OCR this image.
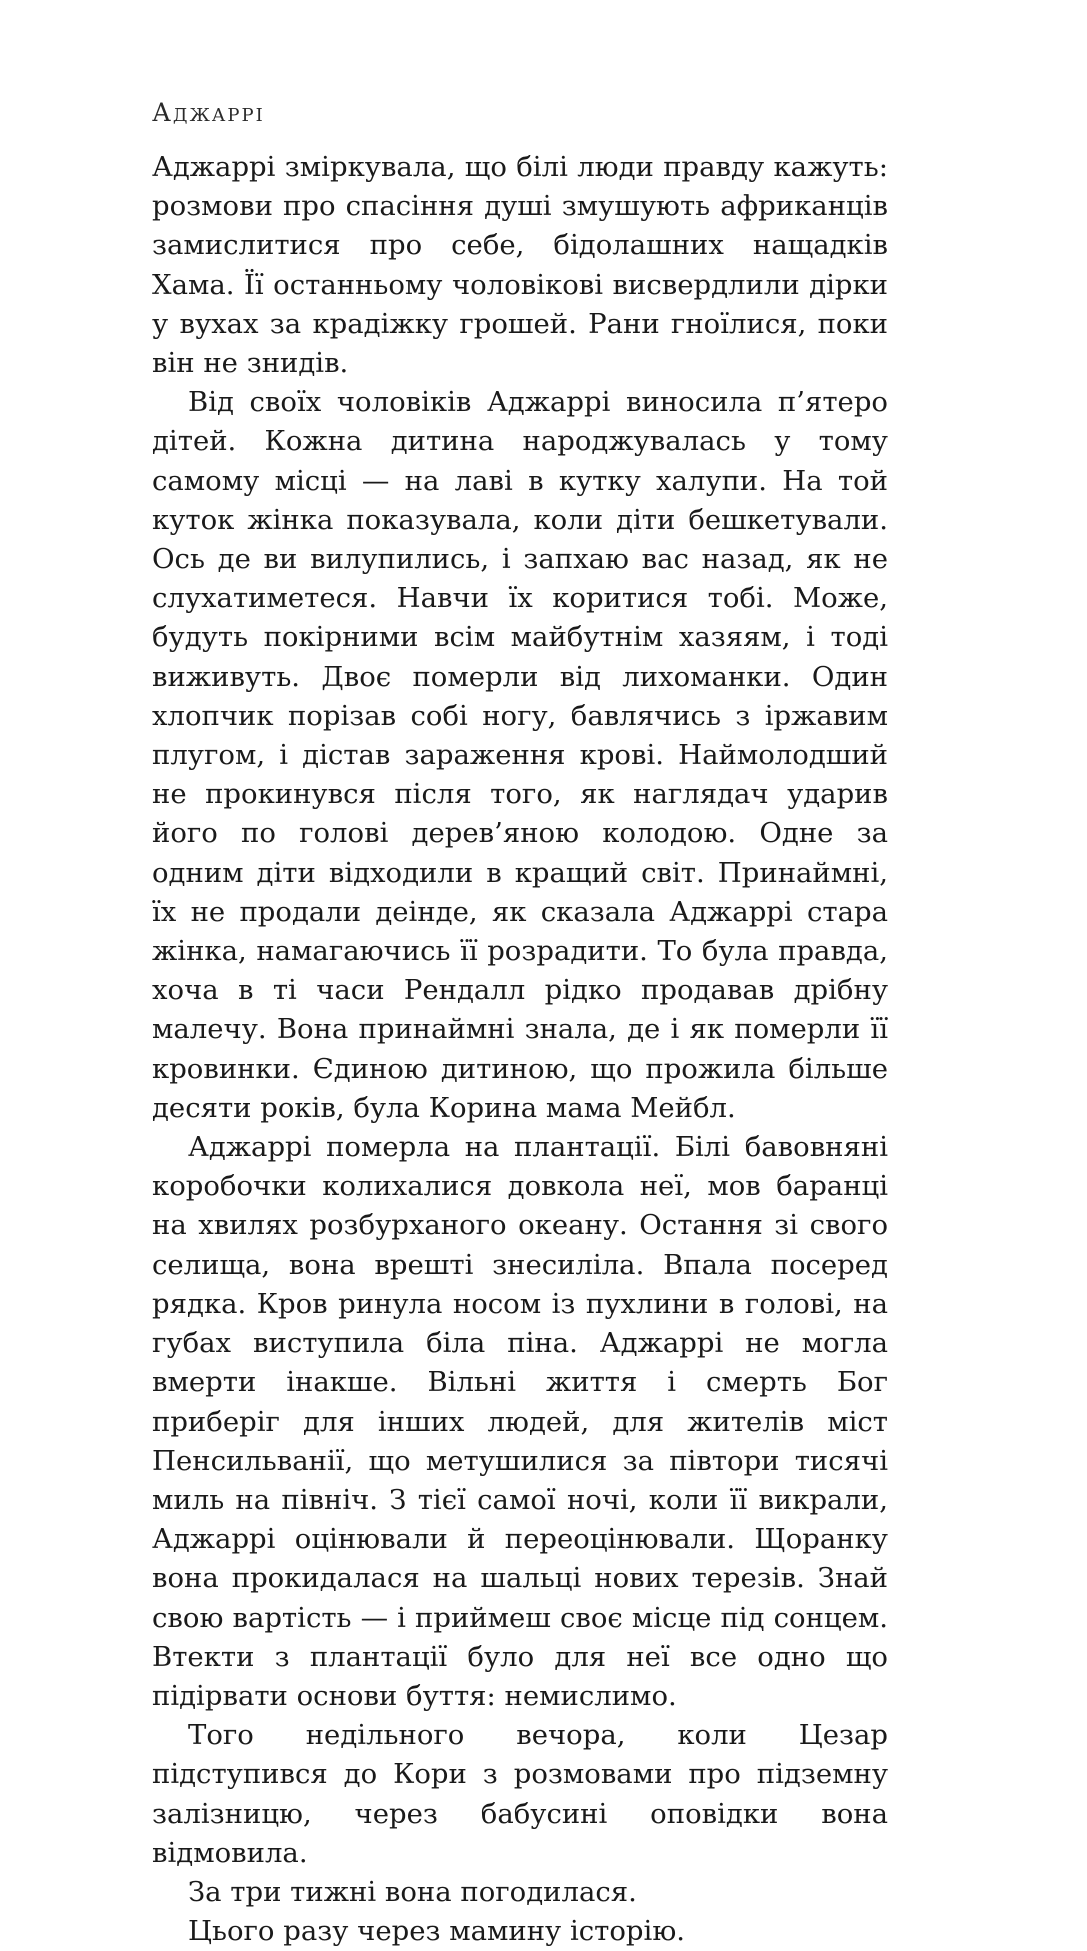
Аджаррі

Аджаррі зміркувала, що білі люди правду кажуть: розмови про спасіння душі змушують африканців замислитися про себе, бідолашних нащадків Хама. Її останньому чоловікові висвердлили дірки у вухах за крадіжку грошей. Рани гноїлися, поки він не знидів.

Від своїх чоловіків Аджаррі виносила п’ятеро дітей. Кожна дитина народжувалась у тому самому місці — на лаві в кутку халупи. На той куток жінка показувала, коли діти бешкетували. Ось де ви вилупились, і запхаю вас назад, як не слухатиметеся. Навчи їх коритися тобі. Може, будуть покірними всім майбутнім хазяям, і тоді виживуть. Двоє померли від лихоманки. Один хлопчик порізав собі ногу, бавлячись з іржавим плугом, і дістав зараження крові. Наймолодший не прокинувся після того, як наглядач ударив його по голові дерев’яною колодою. Одне за одним діти відходили в кращий світ. Принаймні, їх не продали деінде, як сказала Аджаррі стара жінка, намагаючись її розрадити. То була правда, хоча в ті часи Рендалл рідко продавав дрібну малечу. Вона принаймні знала, де і як померли її кровинки. Єдиною дитиною, що прожила більше десяти років, була Корина мама Мейбл.

Аджаррі померла на плантації. Білі бавовняні коробочки колихалися довкола неї, мов баранці на хвилях розбурханого океану. Остання зі свого селища, вона врешті знесиліла. Впала посеред рядка. Кров ринула носом із пухлини в голові, на губах виступила біла піна. Аджаррі не могла вмерти інакше. Вільні життя і смерть Бог приберіг для інших людей, для жителів міст Пенсильванії, що метушилися за півтори тисячі миль на північ. З тієї самої ночі, коли її викрали, Аджаррі оцінювали й переоцінювали. Щоранку вона прокидалася на шальці нових терезів. Знай свою вартість — і приймеш своє місце під сонцем. Втекти з плантації було для неї все одно що підірвати основи буття: немислимо.

Того недільного вечора, коли Цезар підступився до Кори з розмовами про підземну залізницю, через бабусині оповідки вона відмовила.

За три тижні вона погодилася.

Цього разу через мамину історію.
